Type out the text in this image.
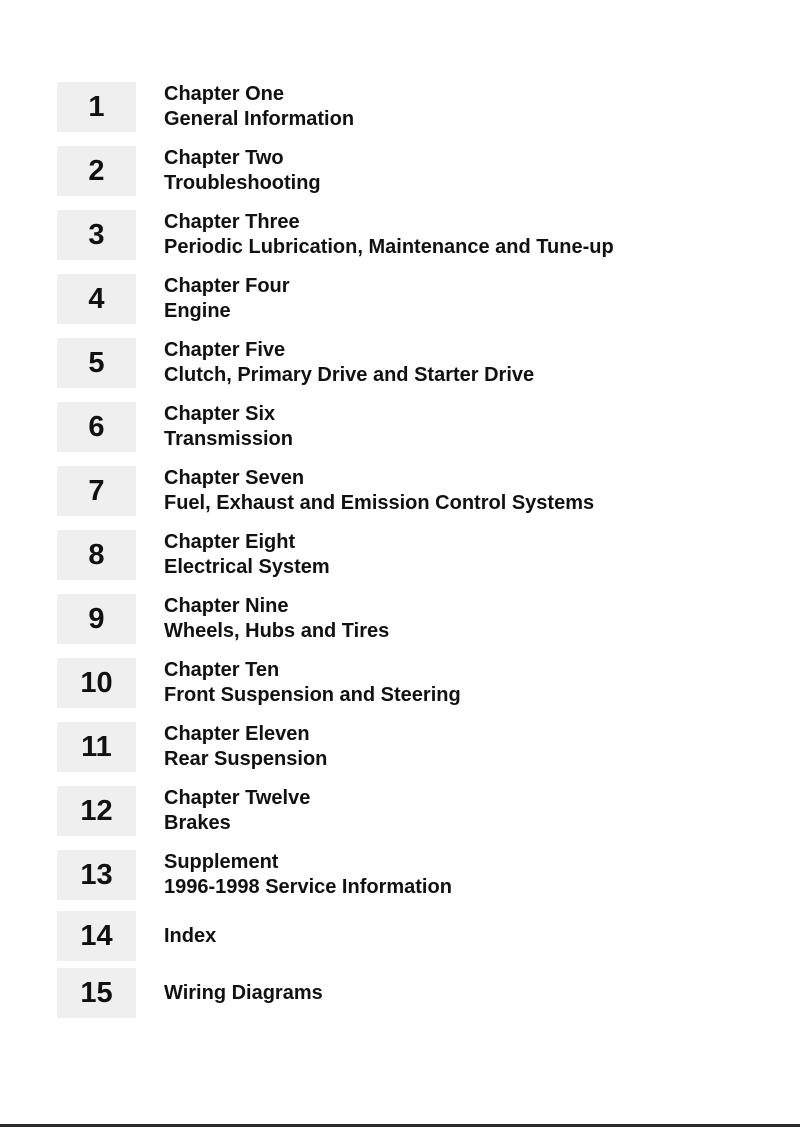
1	Chapter One
General Information
2	Chapter Two
Troubleshooting
3	Chapter Three
Periodic Lubrication, Maintenance and Tune-up
4	Chapter Four
Engine
5	Chapter Five
Clutch, Primary Drive and Starter Drive
6	Chapter Six
Transmission
7	Chapter Seven
Fuel, Exhaust and Emission Control Systems
8	Chapter Eight
Electrical System
9	Chapter Nine
Wheels, Hubs and Tires
10	Chapter Ten
Front Suspension and Steering
11	Chapter Eleven
Rear Suspension
12	Chapter Twelve
Brakes
13	Supplement
1996-1998 Service Information
14	Index
15	Wiring Diagrams
